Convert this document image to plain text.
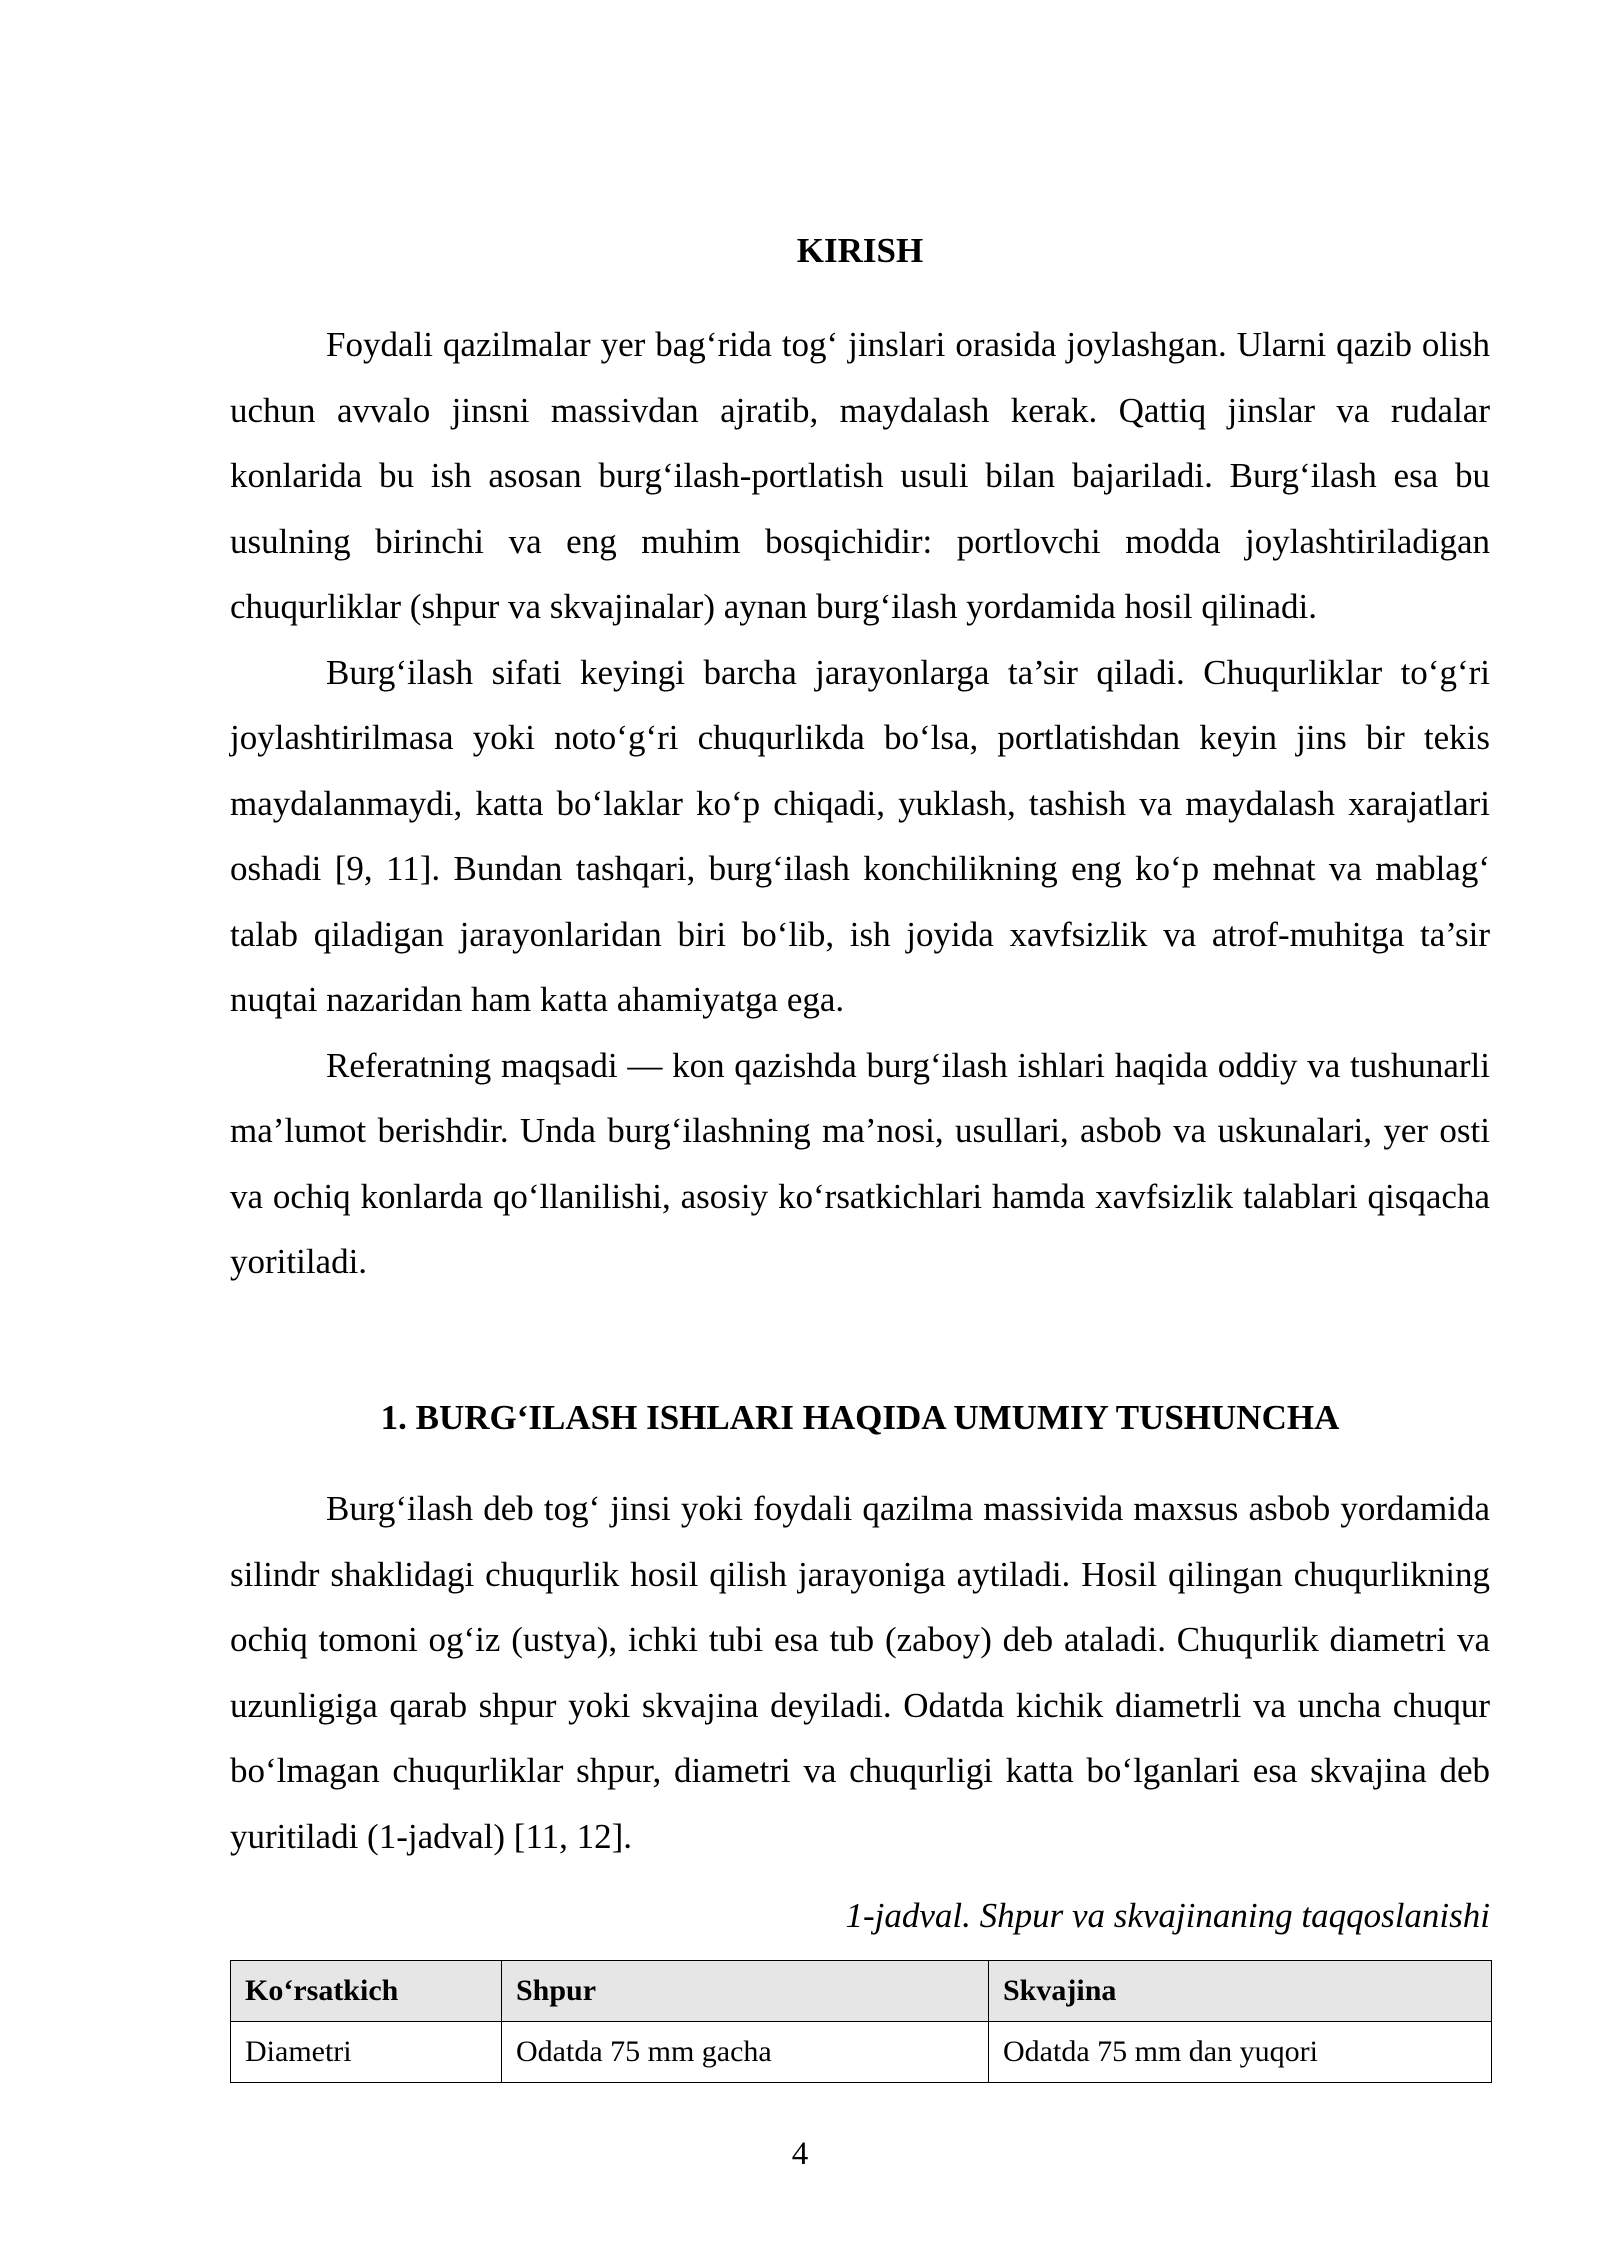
KIRISH

Foydali qazilmalar yer bag‘rida tog‘ jinslari orasida joylashgan. Ularni qazib olish uchun avvalo jinsni massivdan ajratib, maydalash kerak. Qattiq jinslar va rudalar konlarida bu ish asosan burg‘ilash-portlatish usuli bilan bajariladi. Burg‘ilash esa bu usulning birinchi va eng muhim bosqichidir: portlovchi modda joylashtiriladigan chuqurliklar (shpur va skvajinalar) aynan burg‘ilash yordamida hosil qilinadi.

Burg‘ilash sifati keyingi barcha jarayonlarga ta’sir qiladi. Chuqurliklar to‘g‘ri joylashtirilmasa yoki noto‘g‘ri chuqurlikda bo‘lsa, portlatishdan keyin jins bir tekis maydalanmaydi, katta bo‘laklar ko‘p chiqadi, yuklash, tashish va maydalash xarajatlari oshadi [9, 11]. Bundan tashqari, burg‘ilash konchilikning eng ko‘p mehnat va mablag‘ talab qiladigan jarayonlaridan biri bo‘lib, ish joyida xavfsizlik va atrof-muhitga ta’sir nuqtai nazaridan ham katta ahamiyatga ega.

Referatning maqsadi — kon qazishda burg‘ilash ishlari haqida oddiy va tushunarli ma’lumot berishdir. Unda burg‘ilashning ma’nosi, usullari, asbob va uskunalari, yer osti va ochiq konlarda qo‘llanilishi, asosiy ko‘rsatkichlari hamda xavfsizlik talablari qisqacha yoritiladi.

1. BURG‘ILASH ISHLARI HAQIDA UMUMIY TUSHUNCHA

Burg‘ilash deb tog‘ jinsi yoki foydali qazilma massivida maxsus asbob yordamida silindr shaklidagi chuqurlik hosil qilish jarayoniga aytiladi. Hosil qilingan chuqurlikning ochiq tomoni og‘iz (ustya), ichki tubi esa tub (zaboy) deb ataladi. Chuqurlik diametri va uzunligiga qarab shpur yoki skvajina deyiladi. Odatda kichik diametrli va uncha chuqur bo‘lmagan chuqurliklar shpur, diametri va chuqurligi katta bo‘lganlari esa skvajina deb yuritiladi (1-jadval) [11, 12].

1-jadval. Shpur va skvajinaning taqqoslanishi
Ko‘rsatkich	Shpur	Skvajina
Diametri	Odatda 75 mm gacha	Odatda 75 mm dan yuqori
4
